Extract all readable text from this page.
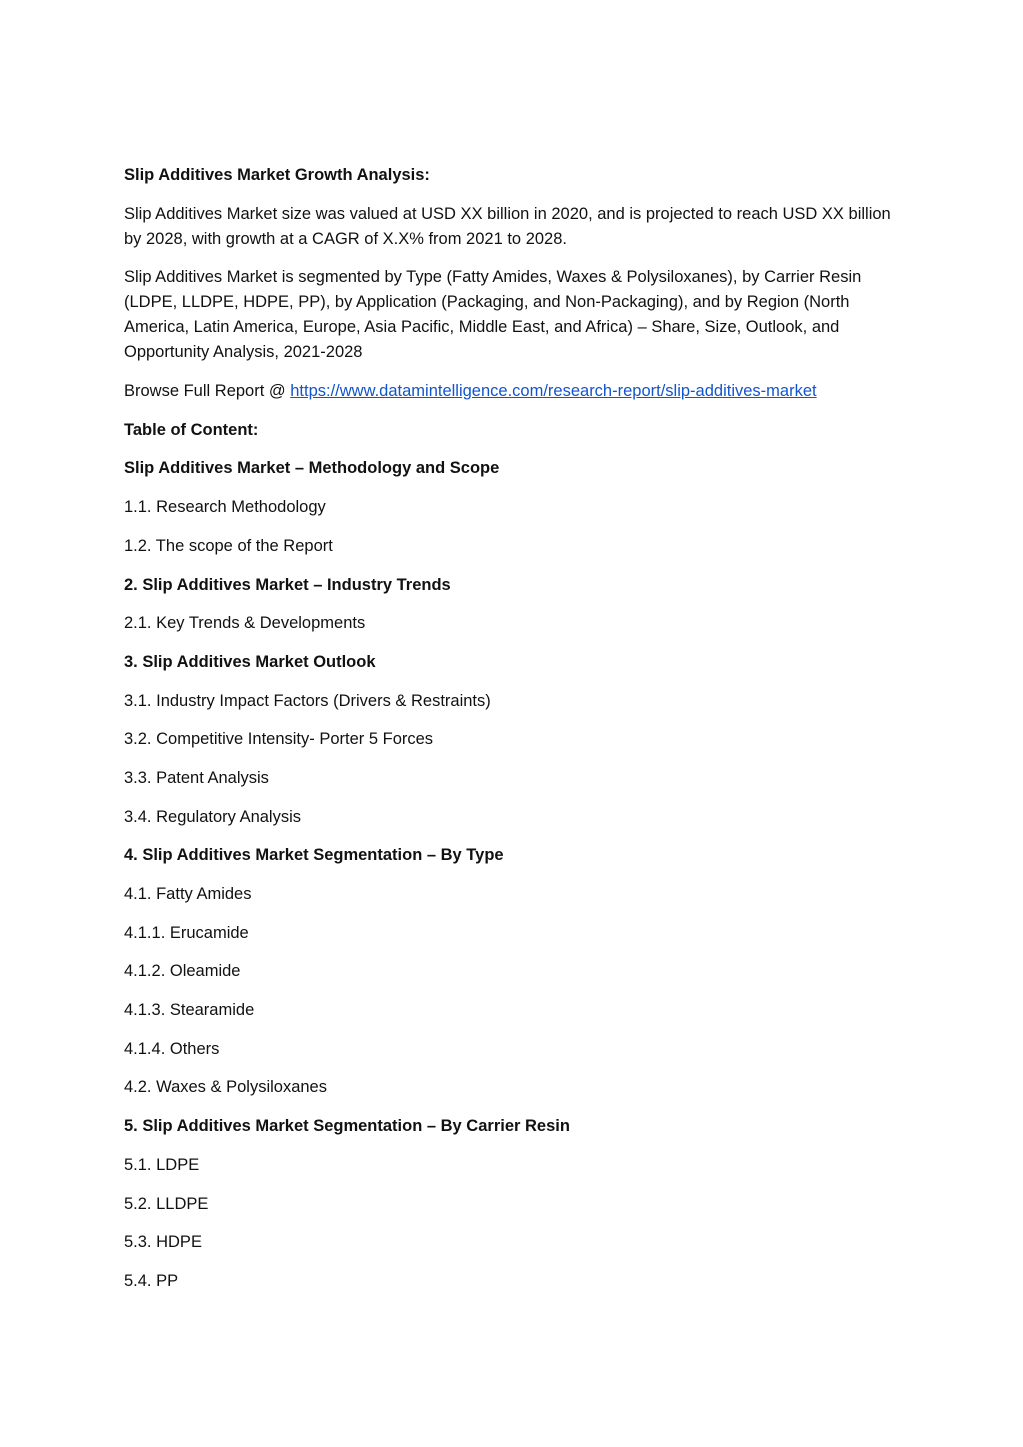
Slip Additives Market Growth Analysis:

Slip Additives Market size was valued at USD XX billion in 2020, and is projected to reach USD XX billion by 2028, with growth at a CAGR of X.X% from 2021 to 2028.

Slip Additives Market is segmented by Type (Fatty Amides, Waxes & Polysiloxanes), by Carrier Resin (LDPE, LLDPE, HDPE, PP), by Application (Packaging, and Non-Packaging), and by Region (North America, Latin America, Europe, Asia Pacific, Middle East, and Africa) – Share, Size, Outlook, and Opportunity Analysis, 2021-2028

Browse Full Report @ https://www.datamintelligence.com/research-report/slip-additives-market

Table of Content:

Slip Additives Market – Methodology and Scope

1.1. Research Methodology

1.2. The scope of the Report

2. Slip Additives Market – Industry Trends

2.1. Key Trends & Developments

3. Slip Additives Market Outlook

3.1. Industry Impact Factors (Drivers & Restraints)

3.2. Competitive Intensity- Porter 5 Forces

3.3. Patent Analysis

3.4. Regulatory Analysis

4. Slip Additives Market Segmentation – By Type

4.1. Fatty Amides

4.1.1. Erucamide

4.1.2. Oleamide

4.1.3. Stearamide

4.1.4. Others

4.2. Waxes & Polysiloxanes

5. Slip Additives Market Segmentation – By Carrier Resin

5.1. LDPE

5.2. LLDPE

5.3. HDPE

5.4. PP
